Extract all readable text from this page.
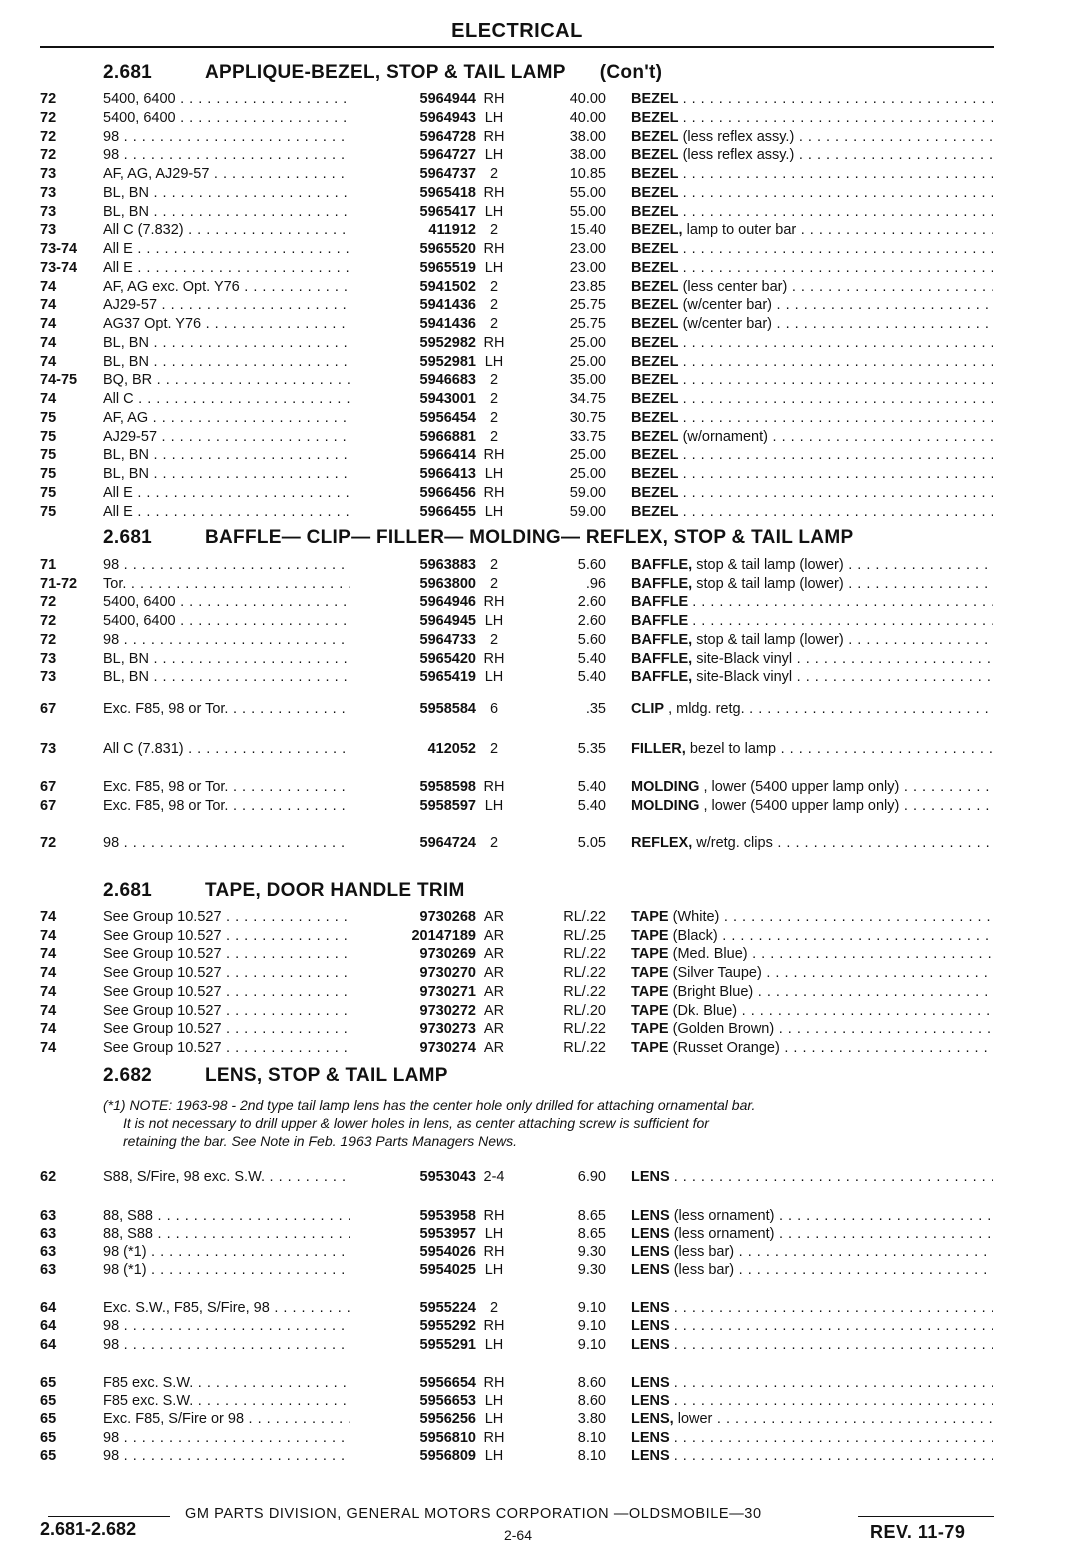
ELECTRICAL
2.681	APPLIQUE-BEZEL, STOP & TAIL LAMP (Con't)
2.681	BAFFLE— CLIP— FILLER— MOLDING— REFLEX, STOP & TAIL LAMP
2.681	TAPE, DOOR HANDLE TRIM
2.682	LENS, STOP & TAIL LAMP
(*1) NOTE: 1963-98 - 2nd type tail lamp lens has the center hole only drilled for attaching ornamental bar.
It is not necessary to drill upper & lower holes in lens, as center attaching screw is sufficient for
retaining the bar. See Note in Feb. 1963 Parts Managers News.
72	5400, 6400 . . .	5964944 RH	40.00 BEZEL . . .
72	5400, 6400 . . .	5964943 LH	40.00 BEZEL . . .
72	98 . . .	5964728 RH	38.00 BEZEL (less reflex assy.) . . .
72	98 . . .	5964727 LH	38.00 BEZEL (less reflex assy.) . . .
73	AF, AG, AJ29-57 . . .	5964737 2	10.85 BEZEL . . .
73	BL, BN . . .	5965418 RH	55.00 BEZEL . . .
73	BL, BN . . .	5965417 LH	55.00 BEZEL . . .
73	All C (7.832) . . .	411912 2	15.40 BEZEL, lamp to outer bar . . .
73-74 All E . . .	5965520 RH	23.00 BEZEL . . .
73-74 All E . . .	5965519 LH	23.00 BEZEL . . .
74	AF, AG exc. Opt. Y76 . . .	5941502 2	23.85 BEZEL (less center bar) . . .
74	AJ29-57 . . .	5941436 2	25.75 BEZEL (w/center bar) . . .
74	AG37 Opt. Y76 . . .	5941436 2	25.75 BEZEL (w/center bar) . . .
74	BL, BN . . .	5952982 RH	25.00 BEZEL . . .
74	BL, BN . . .	5952981 LH	25.00 BEZEL . . .
74-75 BQ, BR . . .	5946683 2	35.00 BEZEL . . .
74	All C . . .	5943001 2	34.75 BEZEL . . .
75	AF, AG . . .	5956454 2	30.75 BEZEL . . .
75	AJ29-57 . . .	5966881 2	33.75 BEZEL (w/ornament) . . .
75	BL, BN . . .	5966414 RH	25.00 BEZEL . . .
75	BL, BN . . .	5966413 LH	25.00 BEZEL . . .
75	All E . . .	5966456 RH	59.00 BEZEL . . .
75	All E . . .	5966455 LH	59.00 BEZEL . . .
71	98 . . .	5963883 2	5.60 BAFFLE, stop & tail lamp (lower) . . .
71-72 Tor. . . .	5963800 2	.96 BAFFLE, stop & tail lamp (lower) . . .
72	5400, 6400 . . .	5964946 RH	2.60 BAFFLE . . .
72	5400, 6400 . . .	5964945 LH	2.60 BAFFLE . . .
72	98 . . .	5964733 2	5.60 BAFFLE, stop & tail lamp (lower) . . .
73	BL, BN . . .	5965420 RH	5.40 BAFFLE, site-Black vinyl . . .
73	BL, BN . . .	5965419 LH	5.40 BAFFLE, site-Black vinyl . . .
67	Exc. F85, 98 or Tor. . . .	5958584 6	.35 CLIP , mldg. retg. . . .
73	All C (7.831) . . .	412052 2	5.35 FILLER, bezel to lamp . . .
67	Exc. F85, 98 or Tor. . . .	5958598 RH	5.40 MOLDING , lower (5400 upper lamp only) . . .
67	Exc. F85, 98 or Tor. . . .	5958597 LH	5.40 MOLDING , lower (5400 upper lamp only) . . .
72	98 . . .	5964724 2	5.05 REFLEX, w/retg. clips . . .
74	See Group 10.527 . . .	9730268 AR	RL/.22 TAPE (White) . . .
74	See Group 10.527 . . .	20147189 AR	RL/.25 TAPE (Black) . . .
74	See Group 10.527 . . .	9730269 AR	RL/.22 TAPE (Med. Blue) . . .
74	See Group 10.527 . . .	9730270 AR	RL/.22 TAPE (Silver Taupe) . . .
74	See Group 10.527 . . .	9730271 AR	RL/.22 TAPE (Bright Blue) . . .
74	See Group 10.527 . . .	9730272 AR	RL/.20 TAPE (Dk. Blue) . . .
74	See Group 10.527 . . .	9730273 AR	RL/.22 TAPE (Golden Brown) . . .
74	See Group 10.527 . . .	9730274 AR	RL/.22 TAPE (Russet Orange) . . .
62	S88, S/Fire, 98 exc. S.W. . . .	5953043 2-4	6.90 LENS . . .
63	88, S88 . . .	5953958 RH	8.65 LENS (less ornament) . . .
63	88, S88 . . .	5953957 LH	8.65 LENS (less ornament) . . .
63	98 (*1) . . .	5954026 RH	9.30 LENS (less bar) . . .
63	98 (*1) . . .	5954025 LH	9.30 LENS (less bar) . . .
64	Exc. S.W., F85, S/Fire, 98 . . .	5955224 2	9.10 LENS . . .
64	98 . . .	5955292 RH	9.10 LENS . . .
64	98 . . .	5955291 LH	9.10 LENS . . .
65	F85 exc. S.W. . . .	5956654 RH	8.60 LENS . . .
65	F85 exc. S.W. . . .	5956653 LH	8.60 LENS . . .
65	Exc. F85, S/Fire or 98 . . .	5956256 LH	3.80 LENS, lower . . .
65	98 . . .	5956810 RH	8.10 LENS . . .
65	98 . . .	5956809 LH	8.10 LENS . . .
GM PARTS DIVISION, GENERAL MOTORS CORPORATION —OLDSMOBILE—30
2.681-2.682	2-64	REV. 11-79
